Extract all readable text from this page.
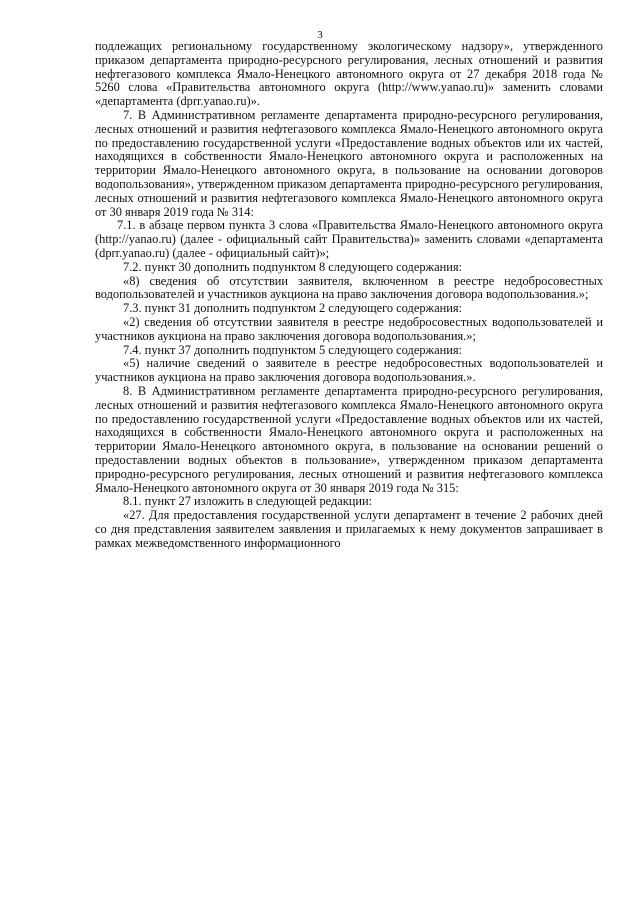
3

подлежащих региональному государственному экологическому надзору», утвержденного приказом департамента природно-ресурсного регулирования, лесных отношений и развития нефтегазового комплекса Ямало-Ненецкого автономного округа от 27 декабря 2018 года № 5260 слова «Правительства автономного округа (http://www.yanao.ru)» заменить словами «департамента (dprr.yanao.ru)».

7. В Административном регламенте департамента природно-ресурсного регулирования, лесных отношений и развития нефтегазового комплекса Ямало-Ненецкого автономного округа по предоставлению государственной услуги «Предоставление водных объектов или их частей, находящихся в собственности Ямало-Ненецкого автономного округа и расположенных на территории Ямало-Ненецкого автономного округа, в пользование на основании договоров водопользования», утвержденном приказом департамента природно-ресурсного регулирования, лесных отношений и развития нефтегазового комплекса Ямало-Ненецкого автономного округа от 30 января 2019 года № 314:

7.1. в абзаце первом пункта 3 слова «Правительства Ямало-Ненецкого автономного округа (http://yanao.ru) (далее - официальный сайт Правительства)» заменить словами «департамента (dprr.yanao.ru) (далее - официальный сайт)»;

7.2. пункт 30 дополнить подпунктом 8 следующего содержания:

«8) сведения об отсутствии заявителя, включенном в реестре недобросовестных водопользователей и участников аукциона на право заключения договора водопользования.»;

7.3. пункт 31 дополнить подпунктом 2 следующего содержания:

«2) сведения об отсутствии заявителя в реестре недобросовестных водопользователей и участников аукциона на право заключения договора водопользования.»;

7.4. пункт 37 дополнить подпунктом 5 следующего содержания:

«5) наличие сведений о заявителе в реестре недобросовестных водопользователей и участников аукциона на право заключения договора водопользования.».

8. В Административном регламенте департамента природно-ресурсного регулирования, лесных отношений и развития нефтегазового комплекса Ямало-Ненецкого автономного округа по предоставлению государственной услуги «Предоставление водных объектов или их частей, находящихся в собственности Ямало-Ненецкого автономного округа и расположенных на территории Ямало-Ненецкого автономного округа, в пользование на основании решений о предоставлении водных объектов в пользование», утвержденном приказом департамента природно-ресурсного регулирования, лесных отношений и развития нефтегазового комплекса Ямало-Ненецкого автономного округа от 30 января 2019 года № 315:

8.1. пункт 27 изложить в следующей редакции:

«27. Для предоставления государственной услуги департамент в течение 2 рабочих дней со дня представления заявителем заявления и прилагаемых к нему документов запрашивает в рамках межведомственного информационного
